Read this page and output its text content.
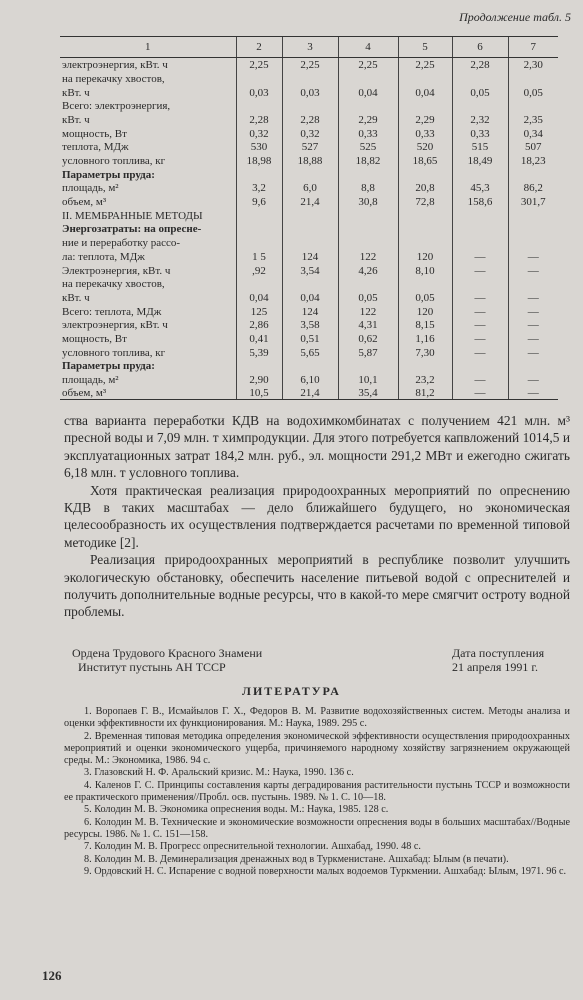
Продолжение табл. 5
1	2	3	4	5	6	7
электроэнергия, кВт. ч	2,25	2,25	2,25	2,25	2,28	2,30
на перекачку хвостов,						
кВт. ч	0,03	0,03	0,04	0,04	0,05	0,05
Всего: электроэнергия,						
кВт. ч	2,28	2,28	2,29	2,29	2,32	2,35
мощность, Вт	0,32	0,32	0,33	0,33	0,33	0,34
теплота, МДж	530	527	525	520	515	507
условного топлива, кг	18,98	18,88	18,82	18,65	18,49	18,23
Параметры пруда:						
площадь, м²	3,2	6,0	8,8	20,8	45,3	86,2
объем, м³	9,6	21,4	30,8	72,8	158,6	301,7
II. МЕМБРАННЫЕ МЕТОДЫ						
Энергозатраты: на опресне-						
ние и переработку рассо-						
ла: теплота, МДж	1 5	124	122	120	—	—
Электроэнергия, кВт. ч	,92	3,54	4,26	8,10	—	—
на перекачку хвостов,						
кВт. ч	0,04	0,04	0,05	0,05	—	—
Всего: теплота, МДж	125	124	122	120	—	—
электроэнергия, кВт. ч	2,86	3,58	4,31	8,15	—	—
мощность, Вт	0,41	0,51	0,62	1,16	—	—
условного топлива, кг	5,39	5,65	5,87	7,30	—	—
Параметры пруда:						
площадь, м²	2,90	6,10	10,1	23,2	—	—
объем, м³	10,5	21,4	35,4	81,2	—	—

ства варианта переработки КДВ на водохимкомбинатах с получением 421 млн. м³ пресной воды и 7,09 млн. т химпродукции. Для этого потребуется капвложений 1014,5 и эксплуатационных затрат 184,2 млн. руб., эл. мощности 291,2 МВт и ежегодно сжигать 6,18 млн. т условного топлива.

Хотя практическая реализация природоохранных мероприятий по опреснению КДВ в таких масштабах — дело ближайшего будущего, но экономическая целесообразность их осуществления подтверждается расчетами по временной типовой методике [2].

Реализация природоохранных мероприятий в республике позволит улучшить экологическую обстановку, обеспечить население питьевой водой с опреснителей и получить дополнительные водные ресурсы, что в какой-то мере смягчит остроту водной проблемы.

Ордена Трудового Красного Знамени
Институт пустынь АН ТССР
Дата поступления
21 апреля 1991 г.
ЛИТЕРАТУРА

1. Воропаев Г. В., Исмайылов Г. Х., Федоров В. М. Развитие водохозяйственных систем. Методы анализа и оценки эффективности их функционирования. М.: Наука, 1989. 295 с.

2. Временная типовая методика определения экономической эффективности осуществления природоохранных мероприятий и оценки экономического ущерба, причиняемого народному хозяйству загрязнением окружающей среды. М.: Экономика, 1986. 94 с.

3. Глазовский Н. Ф. Аральский кризис. М.: Наука, 1990. 136 с.

4. Каленов Г. С. Принципы составления карты деградирования растительности пустынь ТССР и возможности ее практического применения//Пробл. осв. пустынь. 1989. № 1. С. 10—18.

5. Колодин М. В. Экономика опреснения воды. М.: Наука, 1985. 128 с.

6. Колодин М. В. Технические и экономические возможности опреснения воды в больших масштабах//Водные ресурсы. 1986. № 1. С. 151—158.

7. Колодин М. В. Прогресс опреснительной технологии. Ашхабад, 1990. 48 с.

8. Колодин М. В. Деминерализация дренажных вод в Туркменистане. Ашхабад: Ылым (в печати).

9. Ордовский Н. С. Испарение с водной поверхности малых водоемов Туркмении. Ашхабад: Ылым, 1971. 96 с.

126
